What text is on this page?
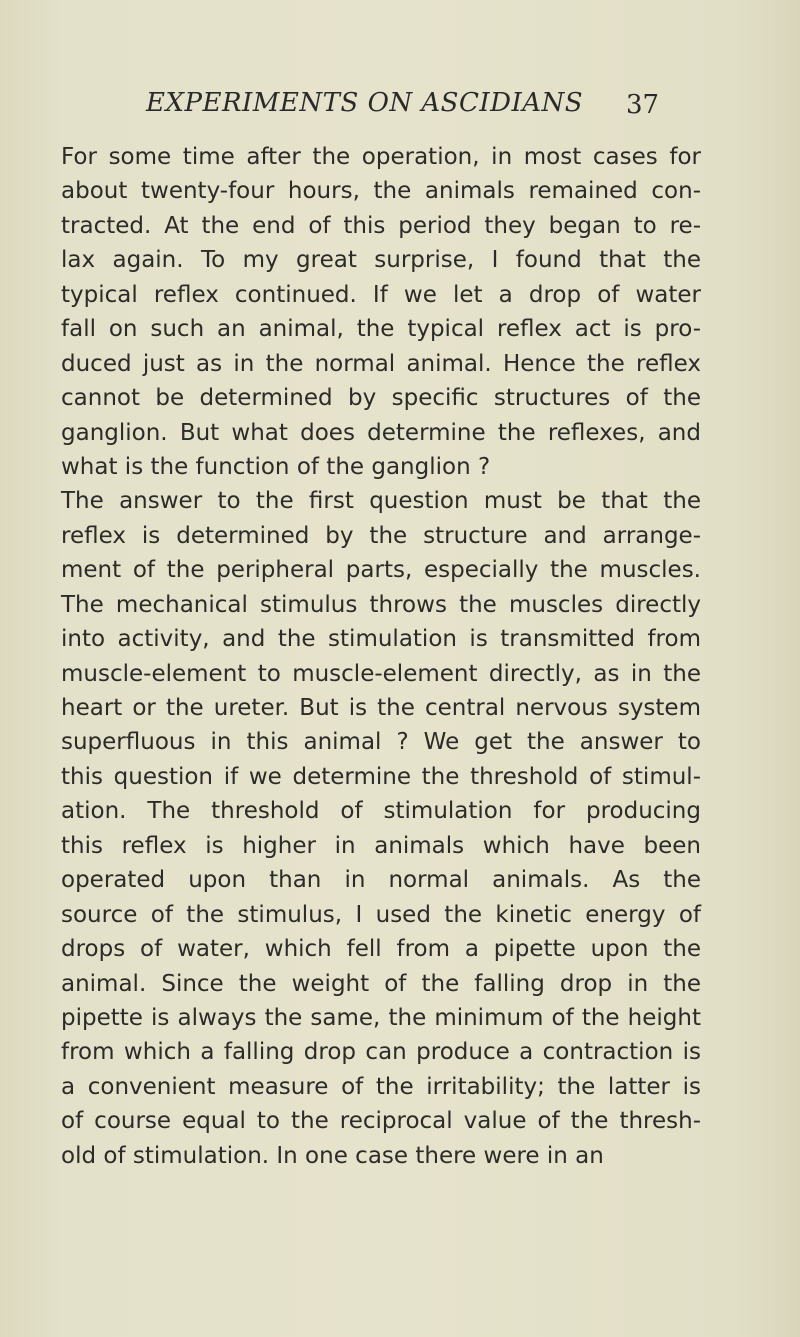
EXPERIMENTS ON ASCIDIANS 37
For some time after the operation, in most cases for
about twenty-four hours, the animals remained con-
tracted. At the end of this period they began to re-
lax again. To my great surprise, I found that the
typical reflex continued. If we let a drop of water
fall on such an animal, the typical reflex act is pro-
duced just as in the normal animal. Hence the reflex
cannot be determined by specific structures of the
ganglion. But what does determine the reflexes, and
what is the function of the ganglion ?
The answer to the first question must be that the
reflex is determined by the structure and arrange-
ment of the peripheral parts, especially the muscles.
The mechanical stimulus throws the muscles directly
into activity, and the stimulation is transmitted from
muscle-element to muscle-element directly, as in the
heart or the ureter. But is the central nervous system
superfluous in this animal ? We get the answer to
this question if we determine the threshold of stimul-
ation. The threshold of stimulation for producing
this reflex is higher in animals which have been
operated upon than in normal animals. As the
source of the stimulus, I used the kinetic energy of
drops of water, which fell from a pipette upon the
animal. Since the weight of the falling drop in the
pipette is always the same, the minimum of the height
from which a falling drop can produce a contraction is
a convenient measure of the irritability; the latter is
of course equal to the reciprocal value of the thresh-
old of stimulation. In one case there were in an
